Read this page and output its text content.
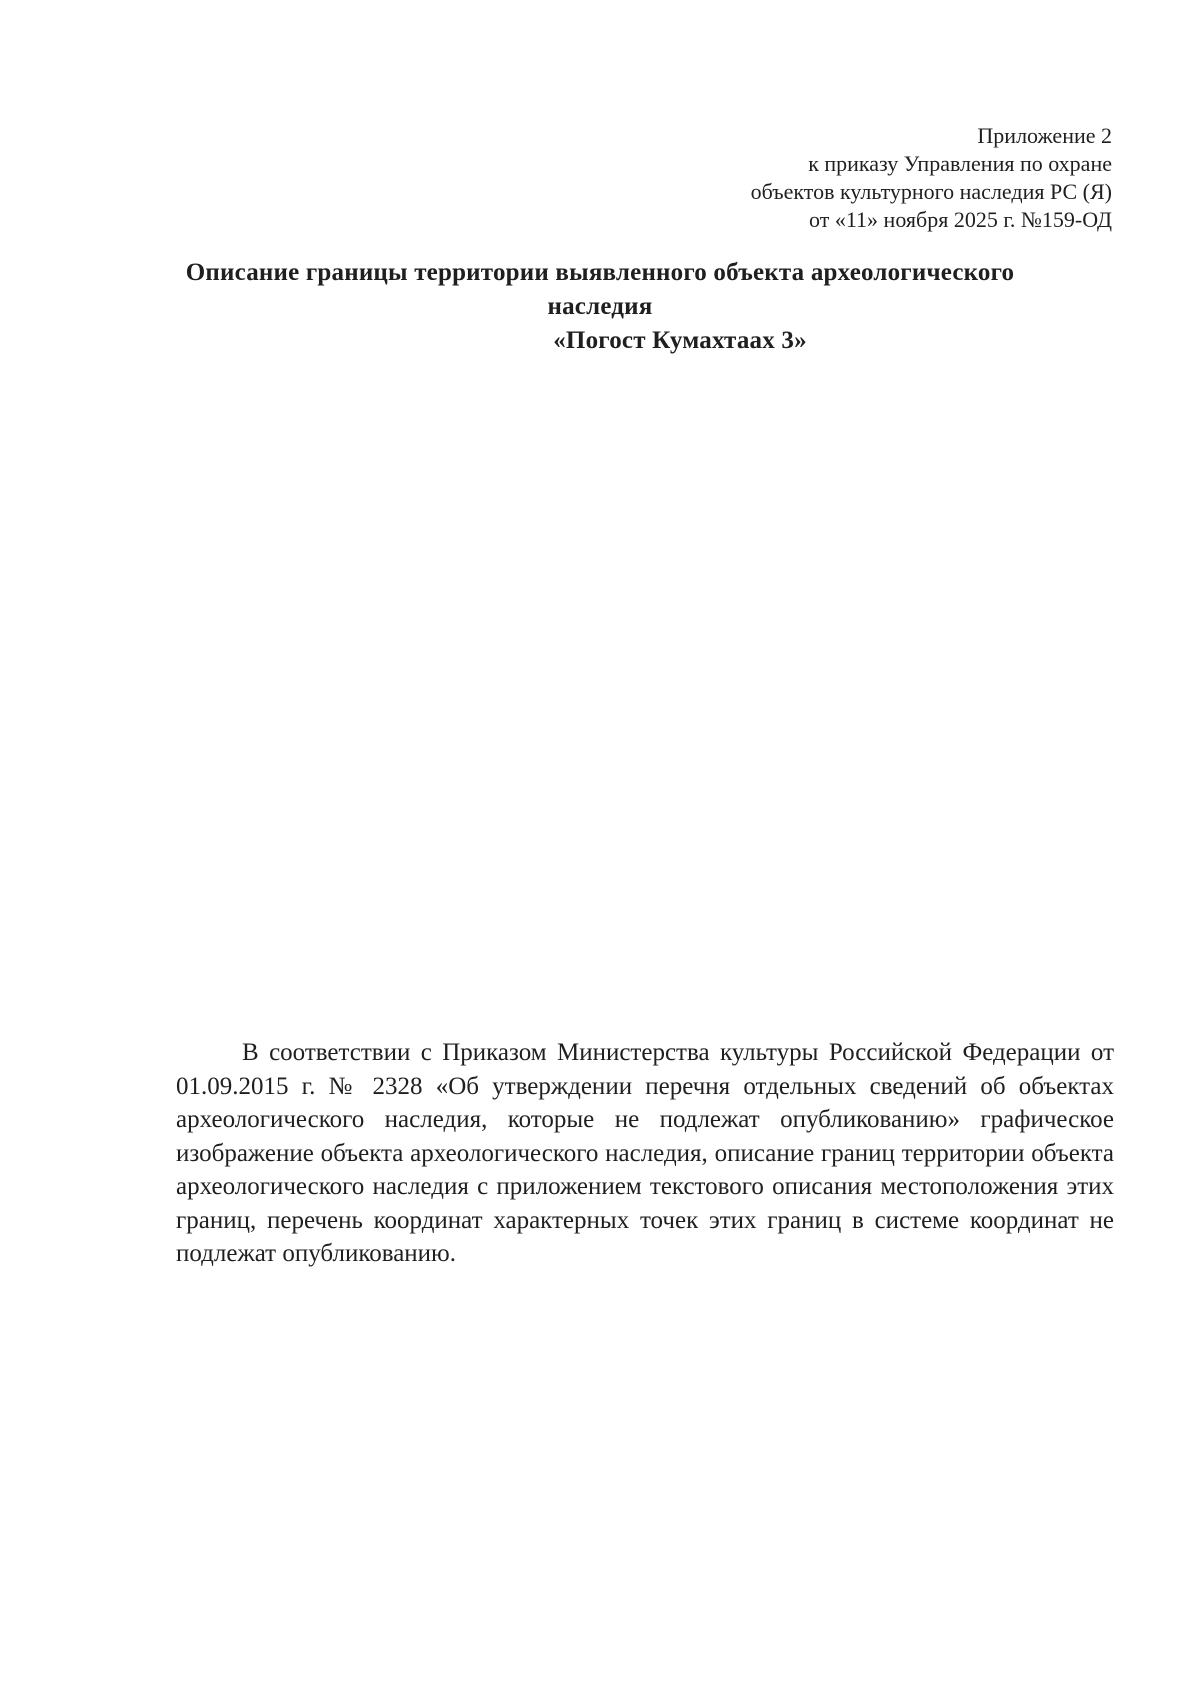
Приложение 2
к приказу Управления по охране
объектов культурного наследия РС (Я)
от «11» ноября 2025 г. №159-ОД
Описание границы территории выявленного объекта археологического
наследия
«Погост Кумахтаах 3»

В соответствии с Приказом Министерства культуры Российской Федерации от 01.09.2015 г. № 2328 «Об утверждении перечня отдельных сведений об объектах археологического наследия, которые не подлежат опубликованию» графическое изображение объекта археологического наследия, описание границ территории объекта археологического наследия с приложением текстового описания местоположения этих границ, перечень координат характерных точек этих границ в системе координат не подлежат опубликованию.
